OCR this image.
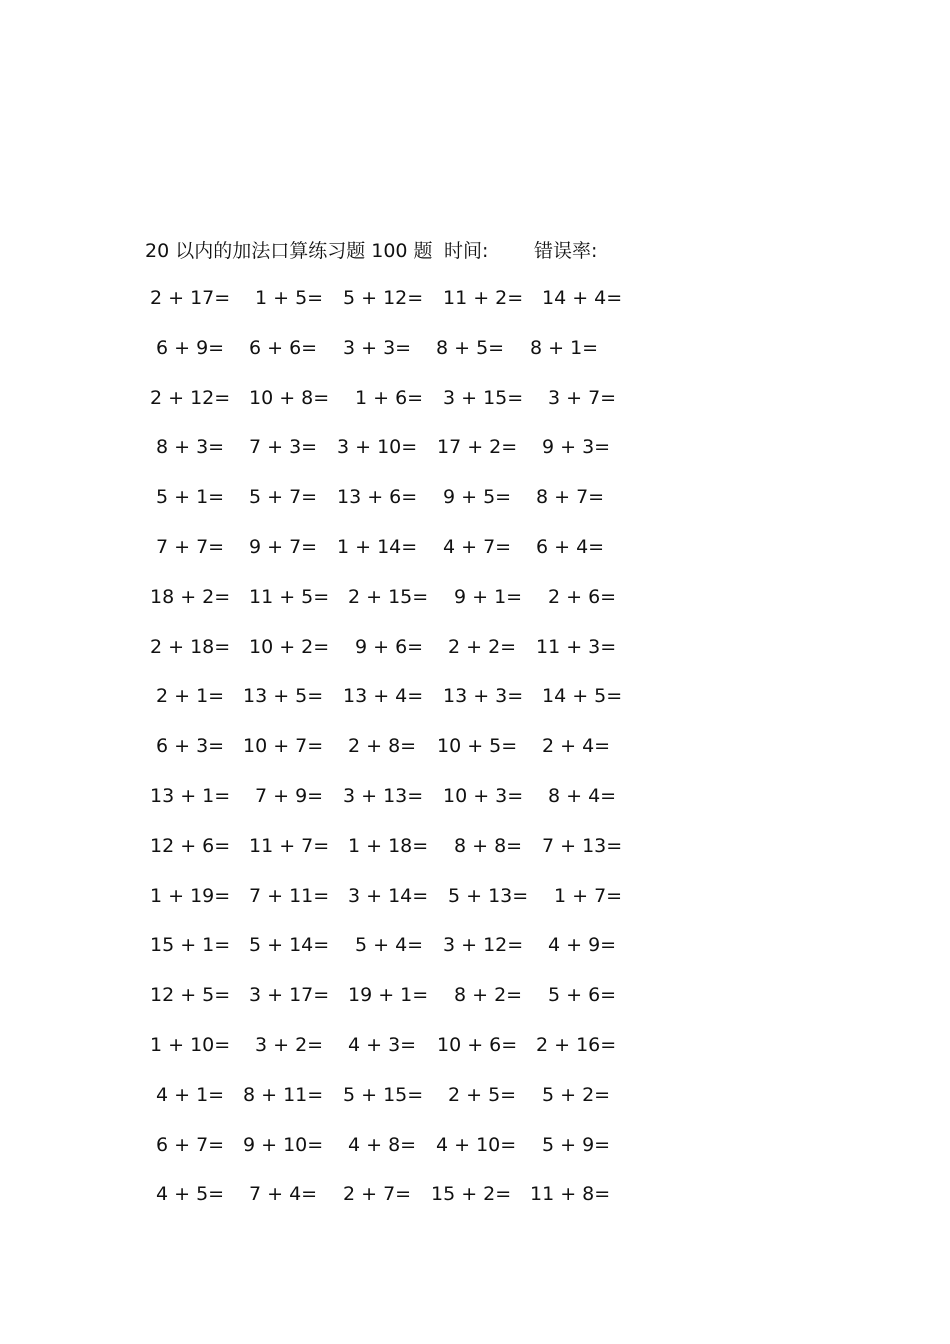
20 以内的加法口算练习题 100 题 时间: 错误率:
2 + 17= 1 + 5= 5 + 12= 11 + 2= 14 + 4=
6 + 9= 6 + 6= 3 + 3= 8 + 5= 8 + 1=
2 + 12= 10 + 8= 1 + 6= 3 + 15= 3 + 7=
8 + 3= 7 + 3= 3 + 10= 17 + 2= 9 + 3=
5 + 1= 5 + 7= 13 + 6= 9 + 5= 8 + 7=
7 + 7= 9 + 7= 1 + 14= 4 + 7= 6 + 4=
18 + 2= 11 + 5= 2 + 15= 9 + 1= 2 + 6=
2 + 18= 10 + 2= 9 + 6= 2 + 2= 11 + 3=
2 + 1= 13 + 5= 13 + 4= 13 + 3= 14 + 5=
6 + 3= 10 + 7= 2 + 8= 10 + 5= 2 + 4=
13 + 1= 7 + 9= 3 + 13= 10 + 3= 8 + 4=
12 + 6= 11 + 7= 1 + 18= 8 + 8= 7 + 13=
1 + 19= 7 + 11= 3 + 14= 5 + 13= 1 + 7=
15 + 1= 5 + 14= 5 + 4= 3 + 12= 4 + 9=
12 + 5= 3 + 17= 19 + 1= 8 + 2= 5 + 6=
1 + 10= 3 + 2= 4 + 3= 10 + 6= 2 + 16=
4 + 1= 8 + 11= 5 + 15= 2 + 5= 5 + 2=
6 + 7= 9 + 10= 4 + 8= 4 + 10= 5 + 9=
4 + 5= 7 + 4= 2 + 7= 15 + 2= 11 + 8=
